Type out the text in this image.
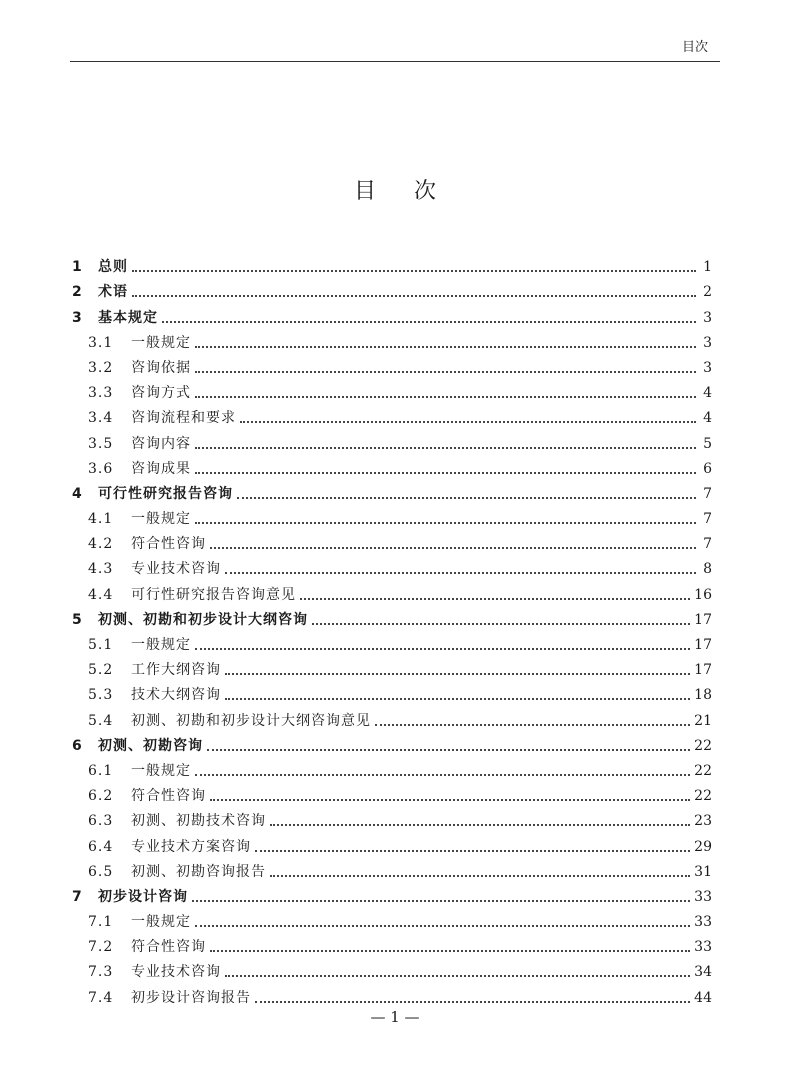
目次
目次
1	总则	1
2	术语	2
3	基本规定	3
3.1	一般规定	3
3.2	咨询依据	3
3.3	咨询方式	4
3.4	咨询流程和要求	4
3.5	咨询内容	5
3.6	咨询成果	6
4	可行性研究报告咨询	7
4.1	一般规定	7
4.2	符合性咨询	7
4.3	专业技术咨询	8
4.4	可行性研究报告咨询意见	16
5	初测、初勘和初步设计大纲咨询	17
5.1	一般规定	17
5.2	工作大纲咨询	17
5.3	技术大纲咨询	18
5.4	初测、初勘和初步设计大纲咨询意见	21
6	初测、初勘咨询	22
6.1	一般规定	22
6.2	符合性咨询	22
6.3	初测、初勘技术咨询	23
6.4	专业技术方案咨询	29
6.5	初测、初勘咨询报告	31
7	初步设计咨询	33
7.1	一般规定	33
7.2	符合性咨询	33
7.3	专业技术咨询	34
7.4	初步设计咨询报告	44
— 1 —
